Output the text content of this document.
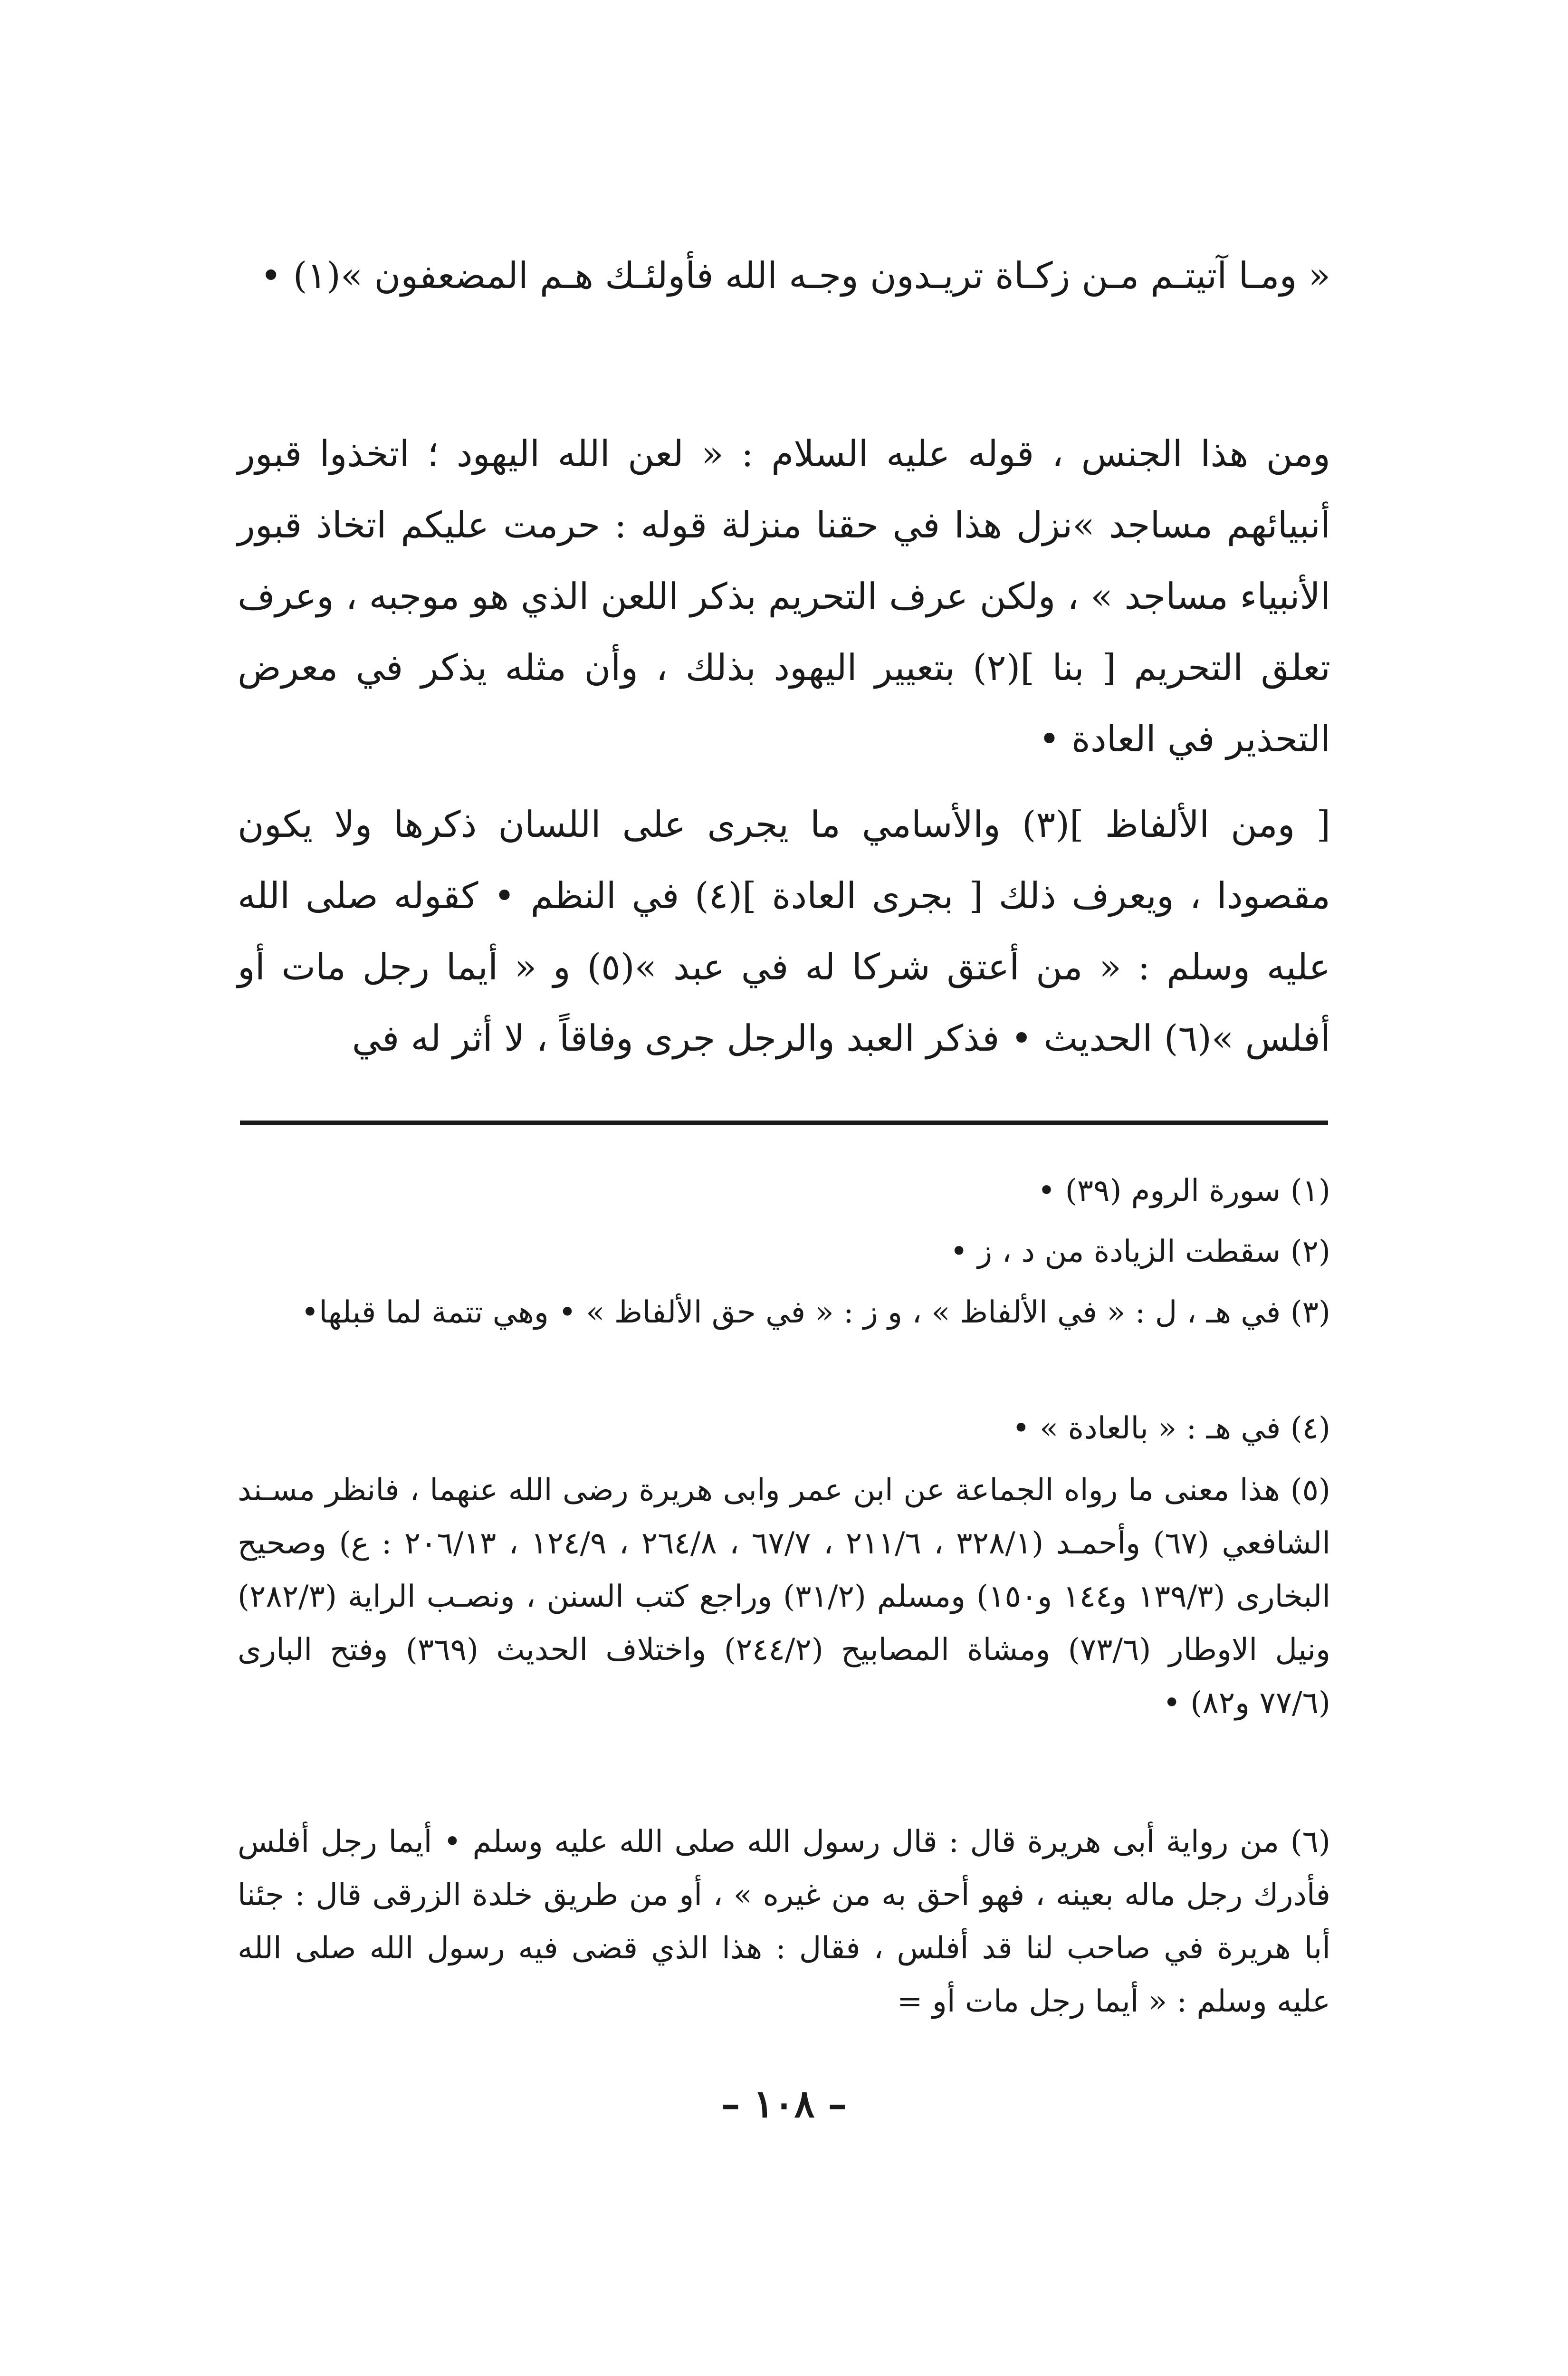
« ومـا آتيتـم مـن زكـاة تريـدون وجـه الله فأولئـك هـم المضعفون »(١) •

ومن هذا الجنس ، قوله عليه السلام : « لعن الله اليهود ؛ اتخذوا قبور أنبيائهم مساجد »نزل هذا في حقنا منزلة قوله : حرمت عليكم اتخاذ قبور الأنبياء مساجد » ، ولكن عرف التحريم بذكر اللعن الذي هو موجبه ، وعرف تعلق التحريم [ بنا ](٢) بتعيير اليهود بذلك ، وأن مثله يذكر في معرض التحذير في العادة •

[ ومن الألفاظ ](٣) والأسامي ما يجرى على اللسان ذكرها ولا يكون مقصودا ، ويعرف ذلك [ بجرى العادة ](٤) في النظم • كقوله صلى الله عليه وسلم : « من أعتق شركا له في عبد »(٥) و « أيما رجل مات أو أفلس »(٦) الحديث • فذكر العبد والرجل جرى وفاقاً ، لا أثر له في

(١) سورة الروم (٣٩) •

(٢) سقطت الزيادة من د ، ز •

(٣) في هـ ، ل : « في الألفاظ » ، و ز : « في حق الألفاظ » • وهي تتمة لما قبلها•

(٤) في هـ : « بالعادة » •

(٥) هذا معنى ما رواه الجماعة عن ابن عمر وابى هريرة رضى الله عنهما ، فانظر مسـند الشافعي (٦٧) وأحمـد (٣٢٨/١ ، ٢١١/٦ ، ٦٧/٧ ، ٢٦٤/٨ ، ١٢٤/٩ ، ٢٠٦/١٣ : ع) وصحيح البخارى (١٣٩/٣ و١٤٤ و١٥٠) ومسلم (٣١/٢) وراجع كتب السنن ، ونصـب الراية (٢٨٢/٣) ونيل الاوطار (٧٣/٦) ومشاة المصابيح (٢٤٤/٢) واختلاف الحديث (٣٦٩) وفتح البارى (٧٧/٦ و٨٢) •

(٦) من رواية أبى هريرة قال : قال رسول الله صلى الله عليه وسلم • أيما رجل أفلس فأدرك رجل ماله بعينه ، فهو أحق به من غيره » ، أو من طريق خلدة الزرقى قال : جئنا أبا هريرة في صاحب لنا قد أفلس ، فقال : هذا الذي قضى فيه رسول الله صلى الله عليه وسلم : « أيما رجل مات أو =

– ١٠٨ –
